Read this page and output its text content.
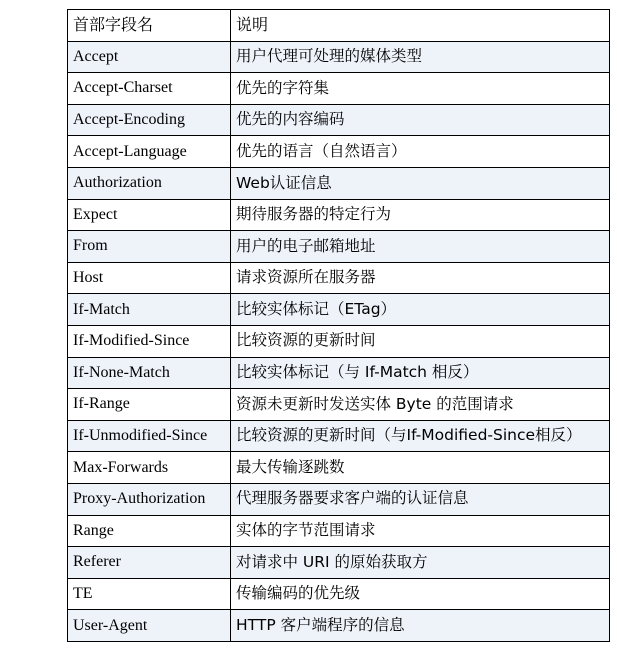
首部字段名	说明
Accept	用户代理可处理的媒体类型
Accept-Charset	优先的字符集
Accept-Encoding	优先的内容编码
Accept-Language	优先的语言（自然语言）
Authorization	Web认证信息
Expect	期待服务器的特定行为
From	用户的电子邮箱地址
Host	请求资源所在服务器
If-Match	比较实体标记（ETag）
If-Modified-Since	比较资源的更新时间
If-None-Match	比较实体标记（与 If-Match 相反）
If-Range	资源未更新时发送实体 Byte 的范围请求
If-Unmodified-Since	比较资源的更新时间（与If-Modified-Since相反）
Max-Forwards	最大传输逐跳数
Proxy-Authorization	代理服务器要求客户端的认证信息
Range	实体的字节范围请求
Referer	对请求中 URI 的原始获取方
TE	传输编码的优先级
User-Agent	HTTP 客户端程序的信息
